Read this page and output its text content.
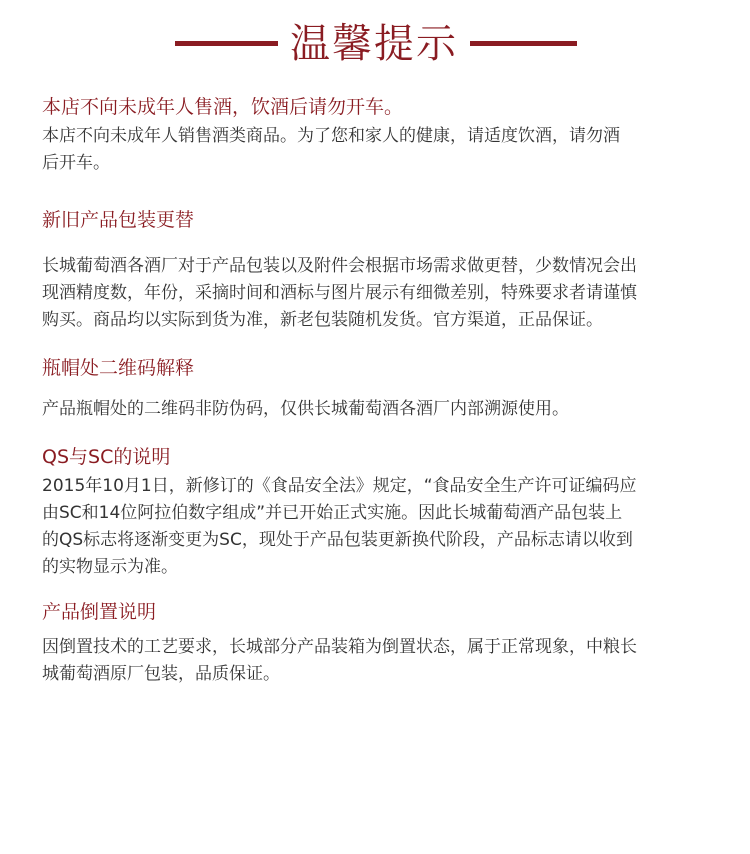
温馨提示
本店不向未成年人售酒，饮酒后请勿开车。
本店不向未成年人销售酒类商品。为了您和家人的健康，请适度饮酒，请勿酒
后开车。
新旧产品包装更替
长城葡萄酒各酒厂对于产品包装以及附件会根据市场需求做更替，少数情况会出
现酒精度数，年份，采摘时间和酒标与图片展示有细微差别，特殊要求者请谨慎
购买。商品均以实际到货为准，新老包装随机发货。官方渠道，正品保证。
瓶帽处二维码解释
产品瓶帽处的二维码非防伪码，仅供长城葡萄酒各酒厂内部溯源使用。
QS与SC的说明
2015年10月1日，新修订的《食品安全法》规定，“食品安全生产许可证编码应
由SC和14位阿拉伯数字组成”并已开始正式实施。因此长城葡萄酒产品包装上
的QS标志将逐渐变更为SC，现处于产品包装更新换代阶段，产品标志请以收到
的实物显示为准。
产品倒置说明
因倒置技术的工艺要求，长城部分产品装箱为倒置状态，属于正常现象，中粮长
城葡萄酒原厂包装，品质保证。
